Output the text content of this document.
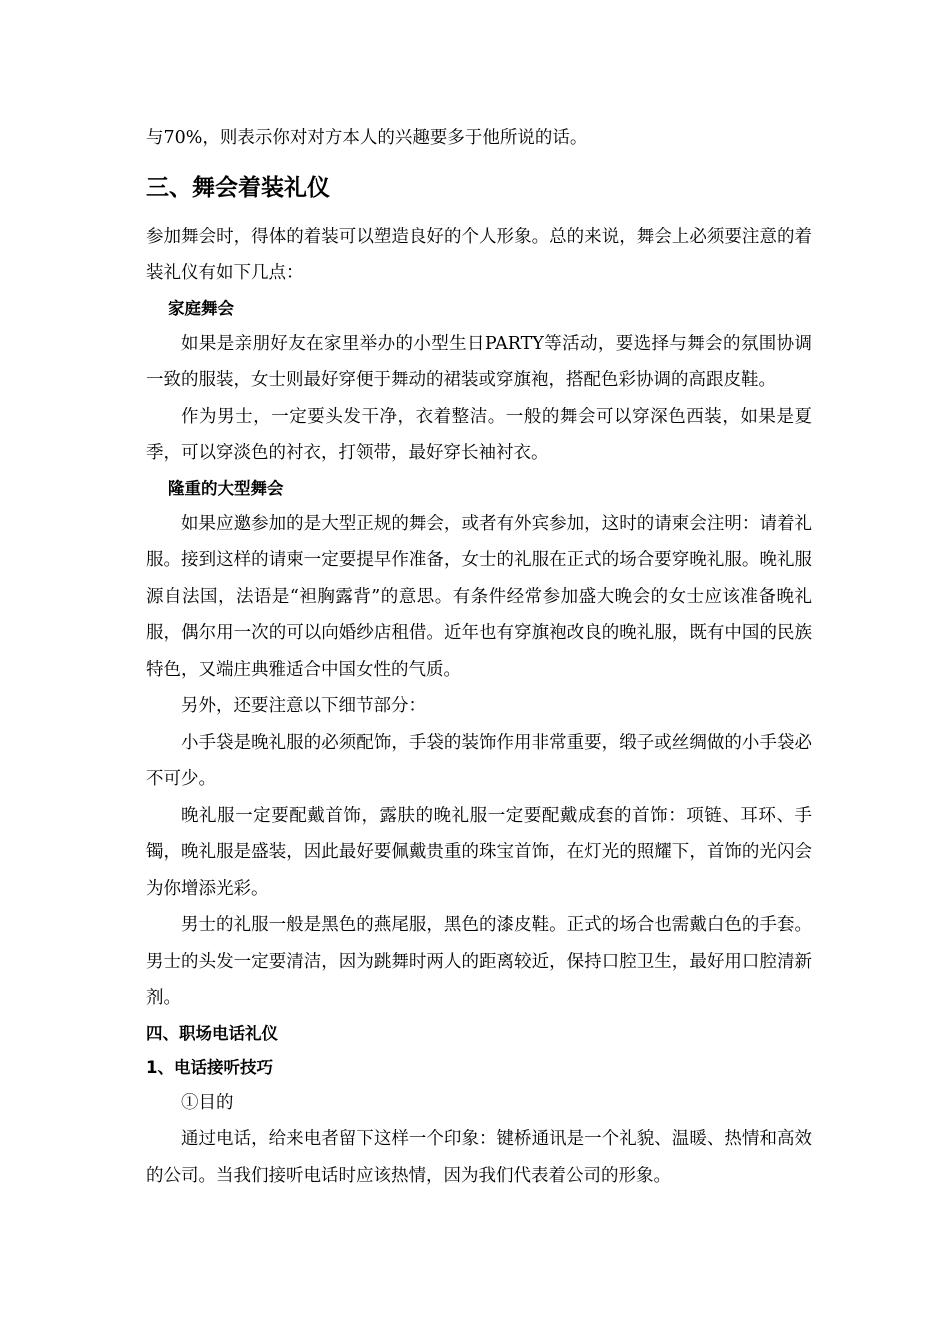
与70%，则表示你对对方本人的兴趣要多于他所说的话。

三、舞会着装礼仪

参加舞会时，得体的着装可以塑造良好的个人形象。总的来说，舞会上必须要注意的着装礼仪有如下几点：

家庭舞会

如果是亲朋好友在家里举办的小型生日PARTY等活动，要选择与舞会的氛围协调一致的服装，女士则最好穿便于舞动的裙装或穿旗袍，搭配色彩协调的高跟皮鞋。

作为男士，一定要头发干净，衣着整洁。一般的舞会可以穿深色西装，如果是夏季，可以穿淡色的衬衣，打领带，最好穿长袖衬衣。

隆重的大型舞会

如果应邀参加的是大型正规的舞会，或者有外宾参加，这时的请柬会注明：请着礼服。接到这样的请柬一定要提早作准备，女士的礼服在正式的场合要穿晚礼服。晚礼服源自法国，法语是“袒胸露背”的意思。有条件经常参加盛大晚会的女士应该准备晚礼服，偶尔用一次的可以向婚纱店租借。近年也有穿旗袍改良的晚礼服，既有中国的民族特色，又端庄典雅适合中国女性的气质。

另外，还要注意以下细节部分：

小手袋是晚礼服的必须配饰，手袋的装饰作用非常重要，缎子或丝绸做的小手袋必不可少。

晚礼服一定要配戴首饰，露肤的晚礼服一定要配戴成套的首饰：项链、耳环、手镯，晚礼服是盛装，因此最好要佩戴贵重的珠宝首饰，在灯光的照耀下，首饰的光闪会为你增添光彩。

男士的礼服一般是黑色的燕尾服，黑色的漆皮鞋。正式的场合也需戴白色的手套。男士的头发一定要清洁，因为跳舞时两人的距离较近，保持口腔卫生，最好用口腔清新剂。

四、职场电话礼仪
1、电话接听技巧

①目的

通过电话，给来电者留下这样一个印象：键桥通讯是一个礼貌、温暖、热情和高效的公司。当我们接听电话时应该热情，因为我们代表着公司的形象。
